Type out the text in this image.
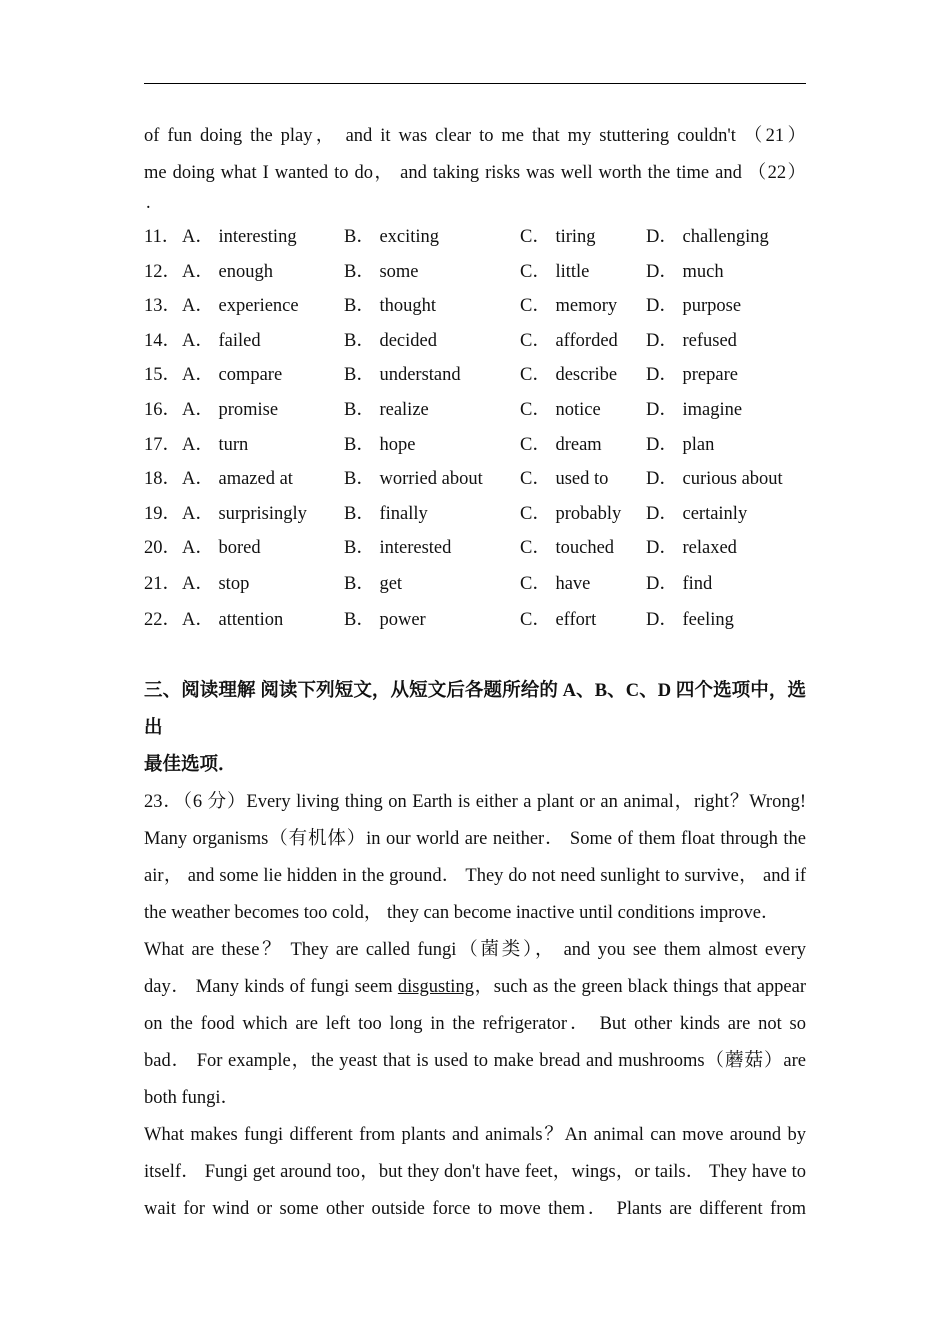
of fun doing the play， and it was clear to me that my stuttering couldn't （21）

me doing what I wanted to do， and taking risks was well worth the time and （22）

.

11． A． interesting	B． exciting	C． tiring	D． challenging
12． A． enough	B． some	C． little	D． much
13． A． experience B． thought	C． memory D． purpose
14． A． failed	B． decided	C． afforded D． refused
15． A． compare	B． understand	C． describe D． prepare
16． A． promise	B． realize	C． notice D． imagine
17． A． turn	B． hope	C． dream D． plan
18． A． amazed at	B． worried about C． used to D． curious about
19． A． surprisingly B． finally	C． probably D． certainly
20． A． bored	B． interested	C． touched D． relaxed
21． A． stop	B． get	C． have	D． find
22． A． attention	B． power	C． effort	D． feeling
三、阅读理解 阅读下列短文，从短文后各题所给的 A、B、C、D 四个选项中，选出
最佳选项．

23．（6 分）Every living thing on Earth is either a plant or an animal，right？Wrong!

Many organisms（有机体）in our world are neither． Some of them float through the

air， and some lie hidden in the ground． They do not need sunlight to survive， and if

the weather becomes too cold， they can become inactive until conditions improve．

What are these？ They are called fungi（菌类）， and you see them almost every

day． Many kinds of fungi seem disgusting，such as the green black things that appear

on the food which are left too long in the refrigerator． But other kinds are not so

bad． For example，the yeast that is used to make bread and mushrooms（蘑菇）are

both fungi．

What makes fungi different from plants and animals？An animal can move around by

itself． Fungi get around too，but they don't have feet，wings，or tails． They have to

wait for wind or some other outside force to move them． Plants are different from
